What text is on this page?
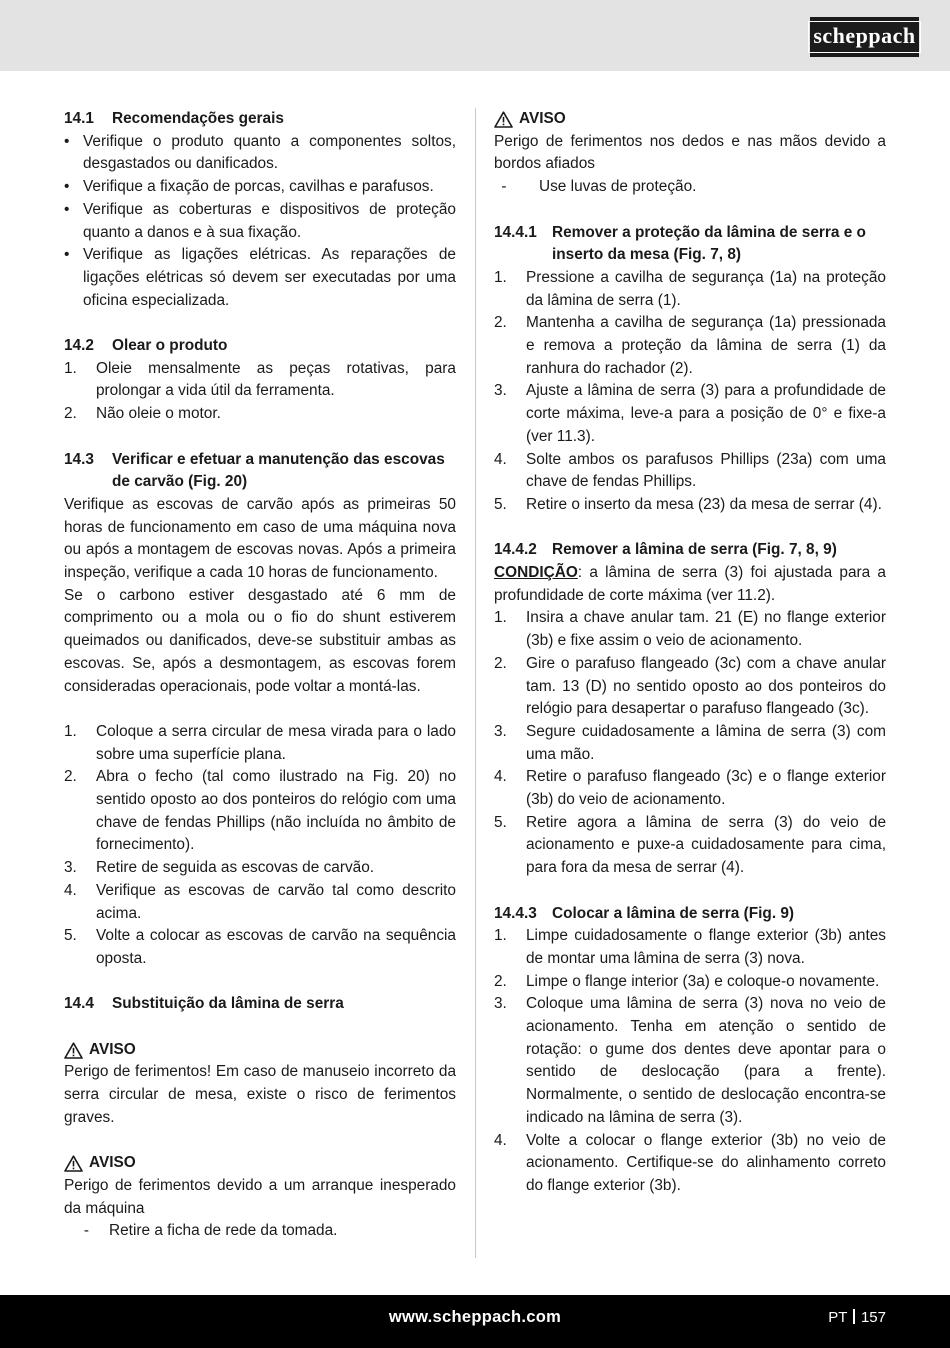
scheppach
14.1	Recomendações gerais
• Verifique o produto quanto a componentes soltos, desgastados ou danificados.
• Verifique a fixação de porcas, cavilhas e parafusos.
• Verifique as coberturas e dispositivos de proteção quanto a danos e à sua fixação.
• Verifique as ligações elétricas. As reparações de ligações elétricas só devem ser executadas por uma oficina especializada.
14.2	Olear o produto
1.	Oleie mensalmente as peças rotativas, para prolongar a vida útil da ferramenta.
2.	Não oleie o motor.
14.3	Verificar e efetuar a manutenção das escovas de carvão (Fig. 20)
Verifique as escovas de carvão após as primeiras 50 horas de funcionamento em caso de uma máquina nova ou após a montagem de escovas novas. Após a primeira inspeção, verifique a cada 10 horas de funcionamento.
Se o carbono estiver desgastado até 6 mm de comprimento ou a mola ou o fio do shunt estiverem queimados ou danificados, deve-se substituir ambas as escovas. Se, após a desmontagem, as escovas forem consideradas operacionais, pode voltar a montá-las.
1.	Coloque a serra circular de mesa virada para o lado sobre uma superfície plana.
2.	Abra o fecho (tal como ilustrado na Fig. 20) no sentido oposto ao dos ponteiros do relógio com uma chave de fendas Phillips (não incluída no âmbito de fornecimento).
3.	Retire de seguida as escovas de carvão.
4.	Verifique as escovas de carvão tal como descrito acima.
5.	Volte a colocar as escovas de carvão na sequência oposta.
14.4	Substituição da lâmina de serra
AVISO
Perigo de ferimentos! Em caso de manuseio incorreto da serra circular de mesa, existe o risco de ferimentos graves.
AVISO
Perigo de ferimentos devido a um arranque inesperado da máquina
-	Retire a ficha de rede da tomada.
AVISO
Perigo de ferimentos nos dedos e nas mãos devido a bordos afiados
-	Use luvas de proteção.
14.4.1 Remover a proteção da lâmina de serra e o inserto da mesa (Fig. 7, 8)
1.	Pressione a cavilha de segurança (1a) na proteção da lâmina de serra (1).
2.	Mantenha a cavilha de segurança (1a) pressionada e remova a proteção da lâmina de serra (1) da ranhura do rachador (2).
3.	Ajuste a lâmina de serra (3) para a profundidade de corte máxima, leve-a para a posição de 0° e fixe-a (ver 11.3).
4.	Solte ambos os parafusos Phillips (23a) com uma chave de fendas Phillips.
5.	Retire o inserto da mesa (23) da mesa de serrar (4).
14.4.2 Remover a lâmina de serra (Fig. 7, 8, 9)
CONDIÇÃO: a lâmina de serra (3) foi ajustada para a profundidade de corte máxima (ver 11.2).
1.	Insira a chave anular tam. 21 (E) no flange exterior (3b) e fixe assim o veio de acionamento.
2.	Gire o parafuso flangeado (3c) com a chave anular tam. 13 (D) no sentido oposto ao dos ponteiros do relógio para desapertar o parafuso flangeado (3c).
3.	Segure cuidadosamente a lâmina de serra (3) com uma mão.
4.	Retire o parafuso flangeado (3c) e o flange exterior (3b) do veio de acionamento.
5.	Retire agora a lâmina de serra (3) do veio de acionamento e puxe-a cuidadosamente para cima, para fora da mesa de serrar (4).
14.4.3 Colocar a lâmina de serra (Fig. 9)
1.	Limpe cuidadosamente o flange exterior (3b) antes de montar uma lâmina de serra (3) nova.
2.	Limpe o flange interior (3a) e coloque-o novamente.
3.	Coloque uma lâmina de serra (3) nova no veio de acionamento. Tenha em atenção o sentido de rotação: o gume dos dentes deve apontar para o sentido de deslocação (para a frente). Normalmente, o sentido de deslocação encontra-se indicado na lâmina de serra (3).
4.	Volte a colocar o flange exterior (3b) no veio de acionamento. Certifique-se do alinhamento correto do flange exterior (3b).
www.scheppach.com	PT 157
